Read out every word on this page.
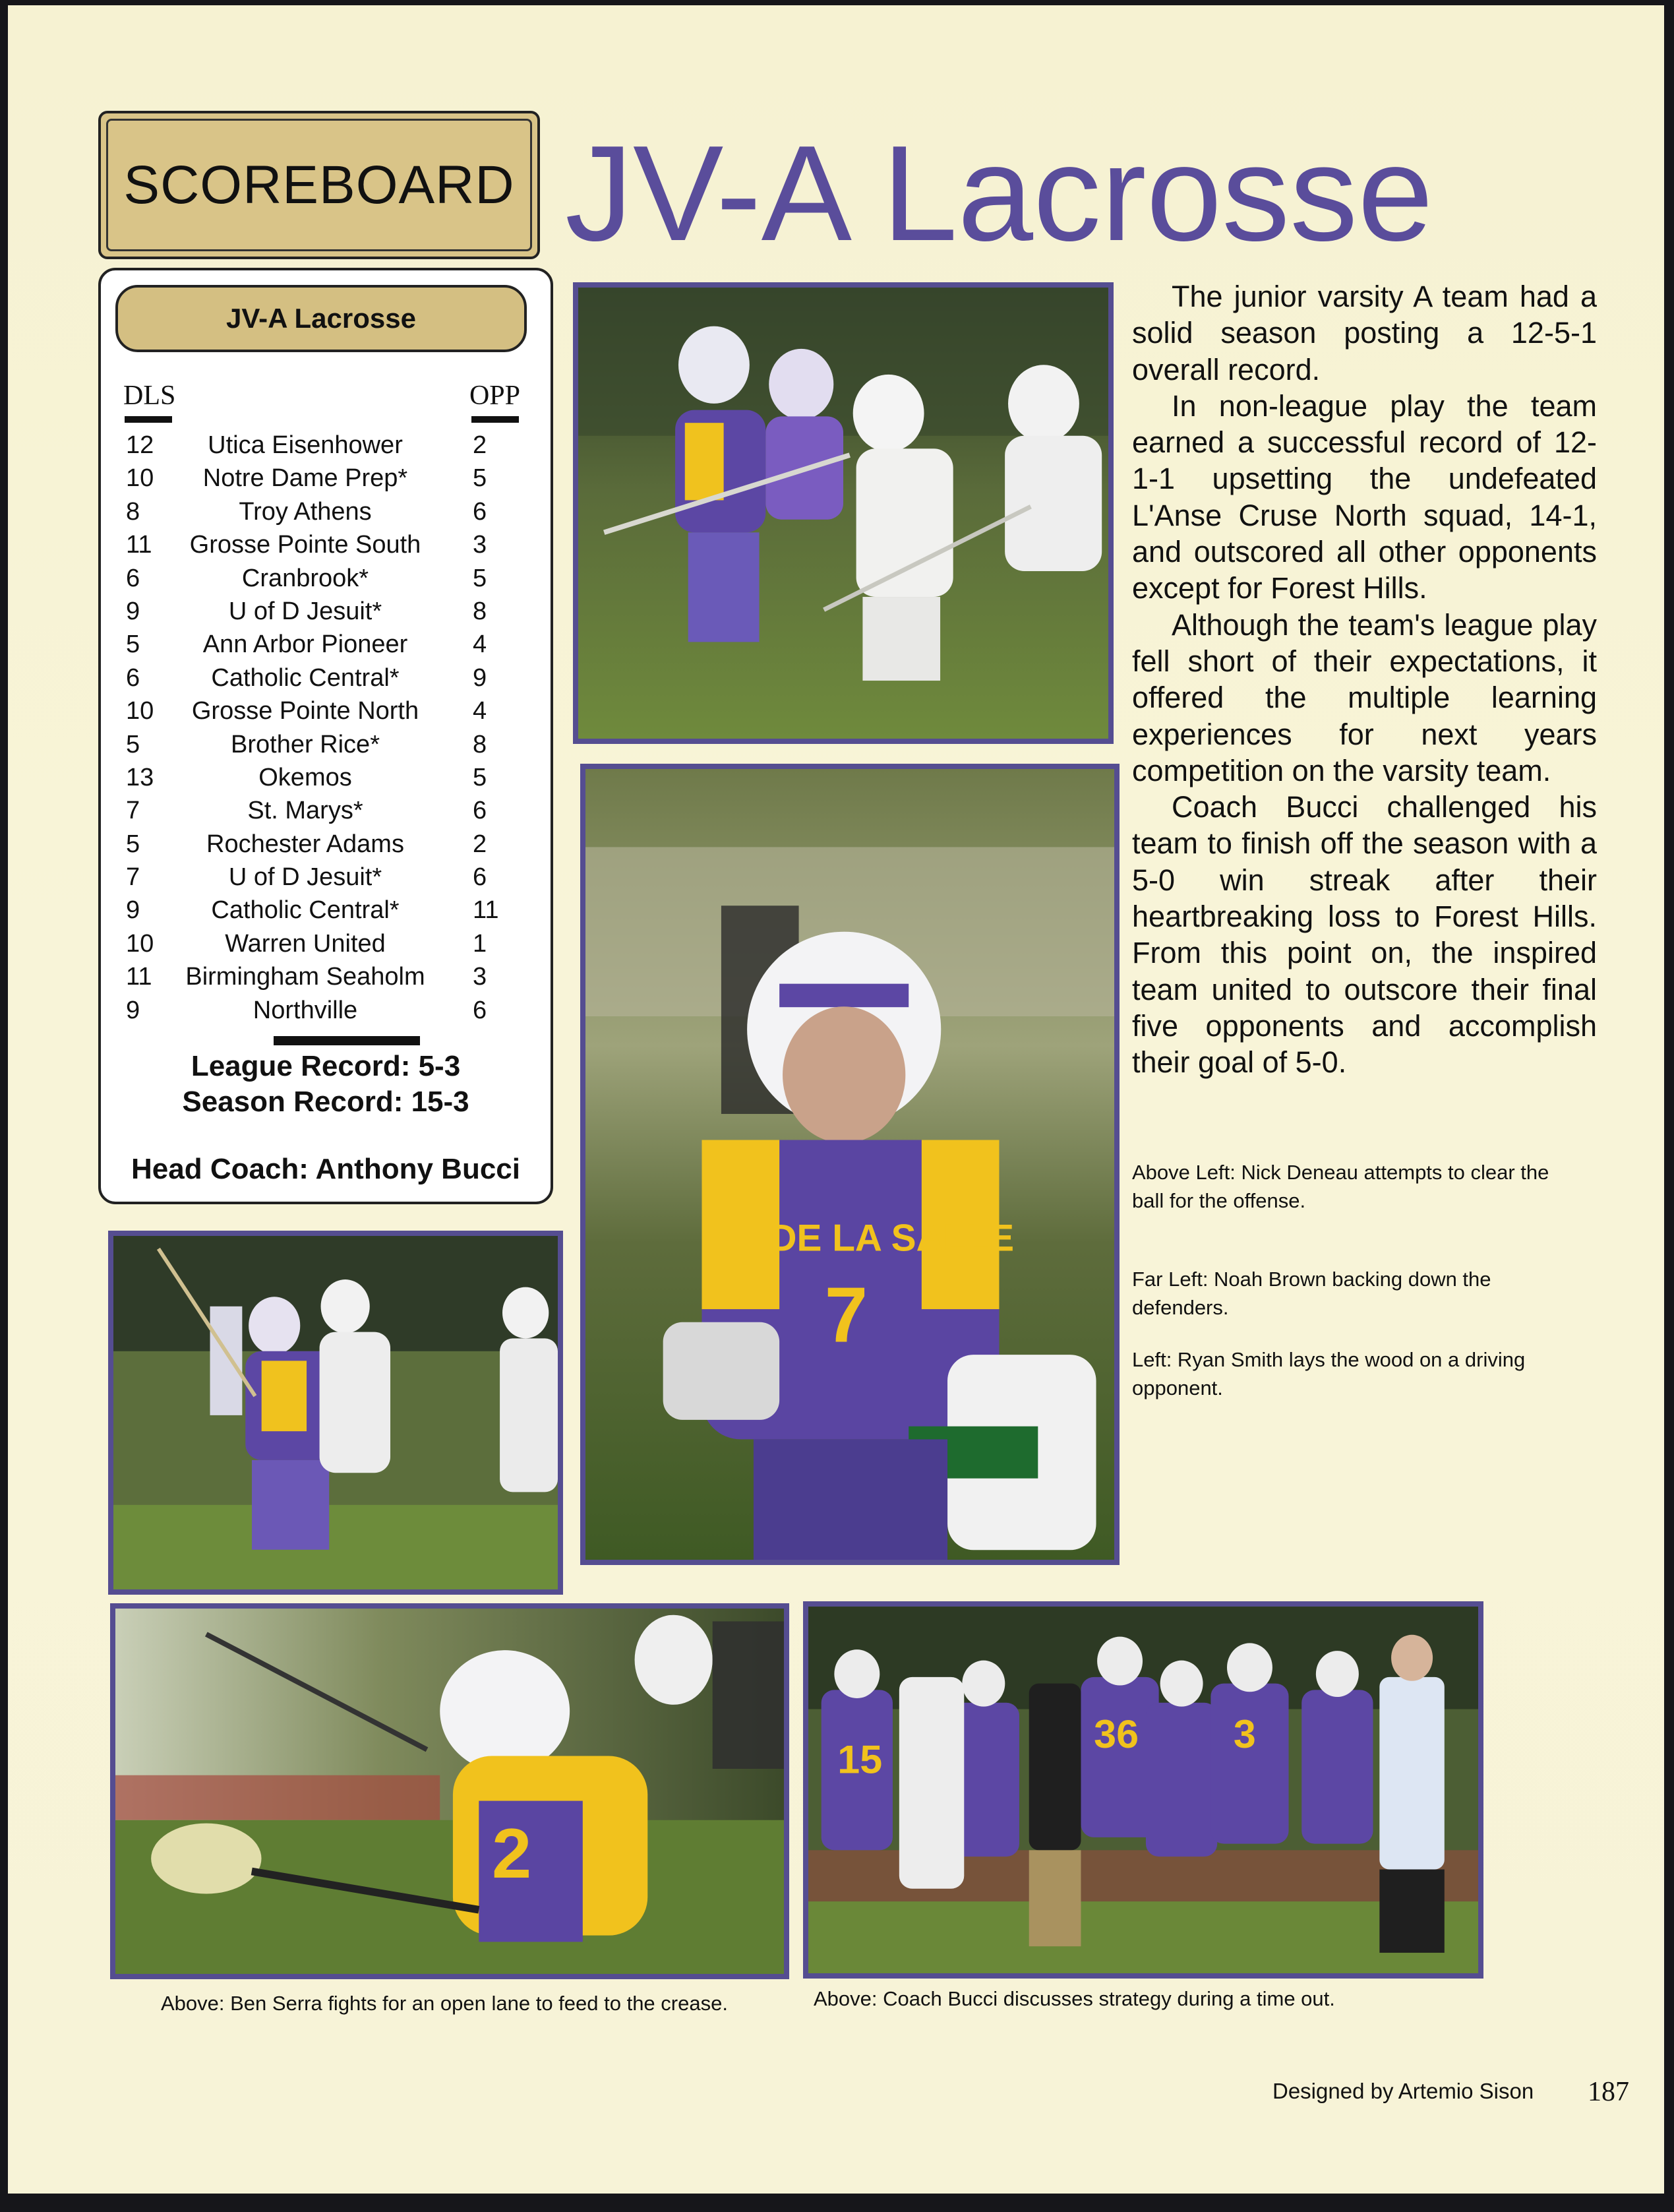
SCOREBOARD JV-A Lacrosse
JV-A Lacrosse
DLS	OPP
12	Utica Eisenhower	2
10	Notre Dame Prep*	5
8	Troy Athens	6
11	Grosse Pointe South	3
6	Cranbrook*	5
9	U of D Jesuit*	8
5	Ann Arbor Pioneer	4
6	Catholic Central*	9
10	Grosse Pointe North	4
5	Brother Rice*	8
13	Okemos	5
7	St. Marys*	6
5	Rochester Adams	2
7	U of D Jesuit*	6
9	Catholic Central*	11
10	Warren United	1
11	Birmingham Seaholm	3
9	Northville	6
League Record: 5-3
Season Record: 15-3
Head Coach: Anthony Bucci
DE LA SALLE
7
2
15
36 3

The junior varsity A team had a solid season posting a 12-5-1 overall record.

In non-league play the team earned a successful record of 12-1-1 upsetting the undefeated L'Anse Cruse North squad, 14-1, and outscored all other opponents except for Forest Hills.

Although the team's league play fell short of their expectations, it offered the multiple learning experiences for next years competition on the varsity team.

Coach Bucci challenged his team to finish off the season with a 5-0 win streak after their heartbreaking loss to Forest Hills. From this point on, the inspired team united to outscore their final five opponents and accomplish their goal of 5-0.

Above Left: Nick Deneau attempts to clear the ball for the offense.
Far Left: Noah Brown backing down the defenders.
Left: Ryan Smith lays the wood on a driving opponent.
Above: Ben Serra fights for an open lane to feed to the crease.	Above: Coach Bucci discusses strategy during a time out.
Designed by Artemio Sison 187
